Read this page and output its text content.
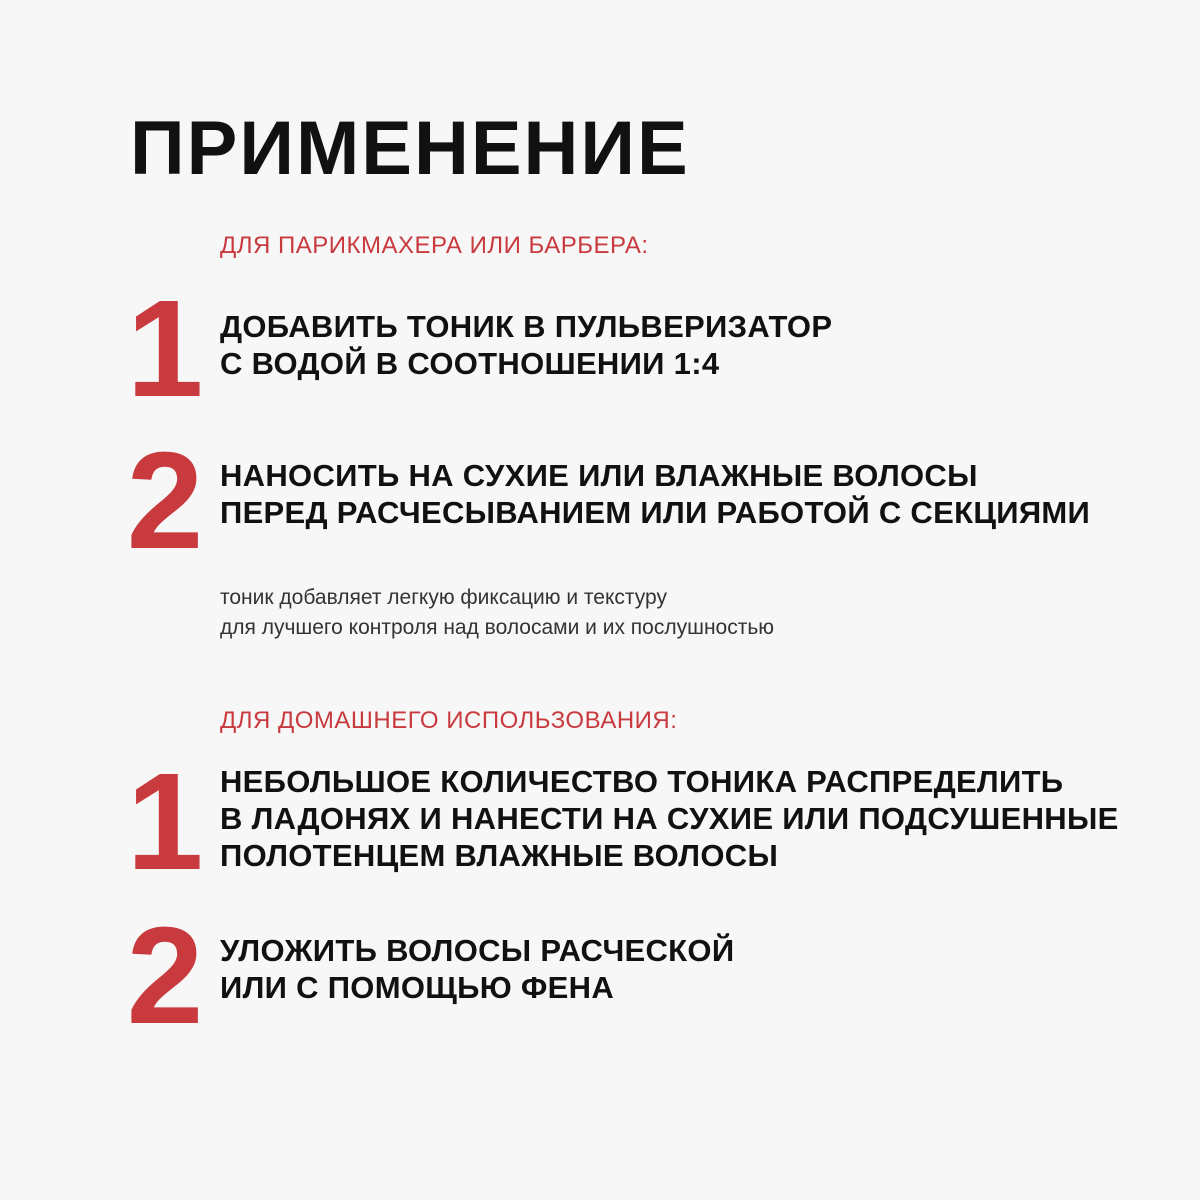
ПРИМЕНЕНИЕ
ДЛЯ ПАРИКМАХЕРА ИЛИ БАРБЕРА:
1 ДОБАВИТЬ ТОНИК В ПУЛЬВЕРИЗАТОР
С ВОДОЙ В СООТНОШЕНИИ 1:4
2 НАНОСИТЬ НА СУХИЕ ИЛИ ВЛАЖНЫЕ ВОЛОСЫ
ПЕРЕД РАСЧЕСЫВАНИЕМ ИЛИ РАБОТОЙ С СЕКЦИЯМИ
тоник добавляет легкую фиксацию и текстуру
для лучшего контроля над волосами и их послушностью
ДЛЯ ДОМАШНЕГО ИСПОЛЬЗОВАНИЯ:
1 НЕБОЛЬШОЕ КОЛИЧЕСТВО ТОНИКА РАСПРЕДЕЛИТЬ
В ЛАДОНЯХ И НАНЕСТИ НА СУХИЕ ИЛИ ПОДСУШЕННЫЕ
ПОЛОТЕНЦЕМ ВЛАЖНЫЕ ВОЛОСЫ
2 УЛОЖИТЬ ВОЛОСЫ РАСЧЕСКОЙ
ИЛИ С ПОМОЩЬЮ ФЕНА
